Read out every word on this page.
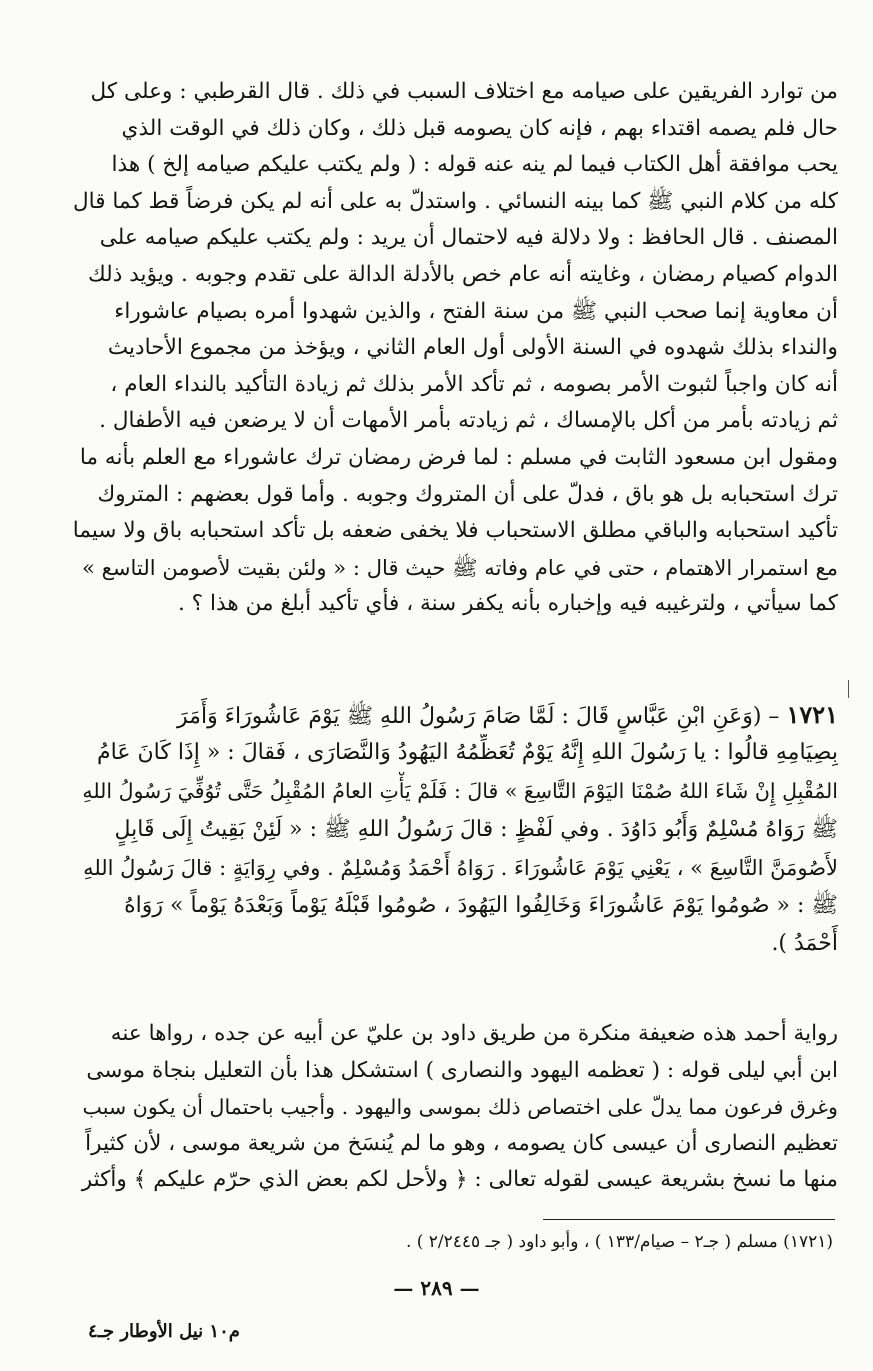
من توارد الفريقين على صيامه مع اختلاف السبب في ذلك . قال القرطبي : وعلى كل
حال فلم يصمه اقتداء بهم ، فإنه كان يصومه قبل ذلك ، وكان ذلك في الوقت الذي
يحب موافقة أهل الكتاب فيما لم ينه عنه قوله : ( ولم يكتب عليكم صيامه إلخ ) هذا
كله من كلام النبي ﷺ كما بينه النسائي . واستدلّ به على أنه لم يكن فرضاً قط كما قال
المصنف . قال الحافظ : ولا دلالة فيه لاحتمال أن يريد : ولم يكتب عليكم صيامه على
الدوام كصيام رمضان ، وغايته أنه عام خص بالأدلة الدالة على تقدم وجوبه . ويؤيد ذلك
أن معاوية إنما صحب النبي ﷺ من سنة الفتح ، والذين شهدوا أمره بصيام عاشوراء
والنداء بذلك شهدوه في السنة الأولى أول العام الثاني ، ويؤخذ من مجموع الأحاديث
أنه كان واجباً لثبوت الأمر بصومه ، ثم تأكد الأمر بذلك ثم زيادة التأكيد بالنداء العام ،
ثم زيادته بأمر من أكل بالإمساك ، ثم زيادته بأمر الأمهات أن لا يرضعن فيه الأطفال .
ومقول ابن مسعود الثابت في مسلم : لما فرض رمضان ترك عاشوراء مع العلم بأنه ما
ترك استحبابه بل هو باق ، فدلّ على أن المتروك وجوبه . وأما قول بعضهم : المتروك
تأكيد استحبابه والباقي مطلق الاستحباب فلا يخفى ضعفه بل تأكد استحبابه باق ولا سيما
مع استمرار الاهتمام ، حتى في عام وفاته ﷺ حيث قال : « ولئن بقيت لأصومن التاسع »
كما سيأتي ، ولترغيبه فيه وإخباره بأنه يكفر سنة ، فأي تأكيد أبلغ من هذا ؟ .
١٧٢١ – (وَعَنِ ابْنِ عَبَّاسٍ قَالَ : لَمَّا صَامَ رَسُولُ اللهِ ﷺ يَوْمَ عَاشُورَاءَ وَأَمَرَ
بِصِيَامِهِ قالُوا : يا رَسُولَ اللهِ إِنَّهُ يَوْمٌ تُعَظِّمُهُ اليَهُودُ وَالنَّصَارَى ، فَقالَ : « إِذَا كَانَ عَامُ
المُقْبِلِ إِنْ شَاءَ اللهُ صُمْنَا اليَوْمَ التَّاسِعَ » قالَ : فَلَمْ يَأْتِ العامُ المُقْبِلُ حَتَّى تُوُفِّيَ رَسُولُ اللهِ
ﷺ رَوَاهُ مُسْلِمٌ وَأَبُو دَاوُدَ . وفي لَفْظٍ : قالَ رَسُولُ اللهِ ﷺ : « لَئِنْ بَقِيتُ إِلَى قَابِلٍ
لأَصُومَنَّ التَّاسِعَ » ، يَعْنِي يَوْمَ عَاشُورَاءَ . رَوَاهُ أَحْمَدُ وَمُسْلِمٌ . وفي رِوَايَةٍ : قالَ رَسُولُ اللهِ
ﷺ : « صُومُوا يَوْمَ عَاشُورَاءَ وَخَالِفُوا اليَهُودَ ، صُومُوا قَبْلَهُ يَوْماً وَبَعْدَهُ يَوْماً » رَوَاهُ
أَحْمَدُ ).
رواية أحمد هذه ضعيفة منكرة من طريق داود بن عليّ عن أبيه عن جده ، رواها عنه
ابن أبي ليلى قوله : ( تعظمه اليهود والنصارى ) استشكل هذا بأن التعليل بنجاة موسى
وغرق فرعون مما يدلّ على اختصاص ذلك بموسى واليهود . وأجيب باحتمال أن يكون سبب
تعظيم النصارى أن عيسى كان يصومه ، وهو ما لم يُنسَخ من شريعة موسى ، لأن كثيراً
منها ما نسخ بشريعة عيسى لقوله تعالى : ﴿ ولأحل لكم بعض الذي حرّم عليكم ﴾ وأكثر
(١٧٢١) مسلم ( جـ٢ – صيام/١٣٣ ) ، وأبو داود ( جـ ٢/٢٤٤٥ ) .
— ٢٨٩ —
م١٠ نيل الأوطار جـ٤
